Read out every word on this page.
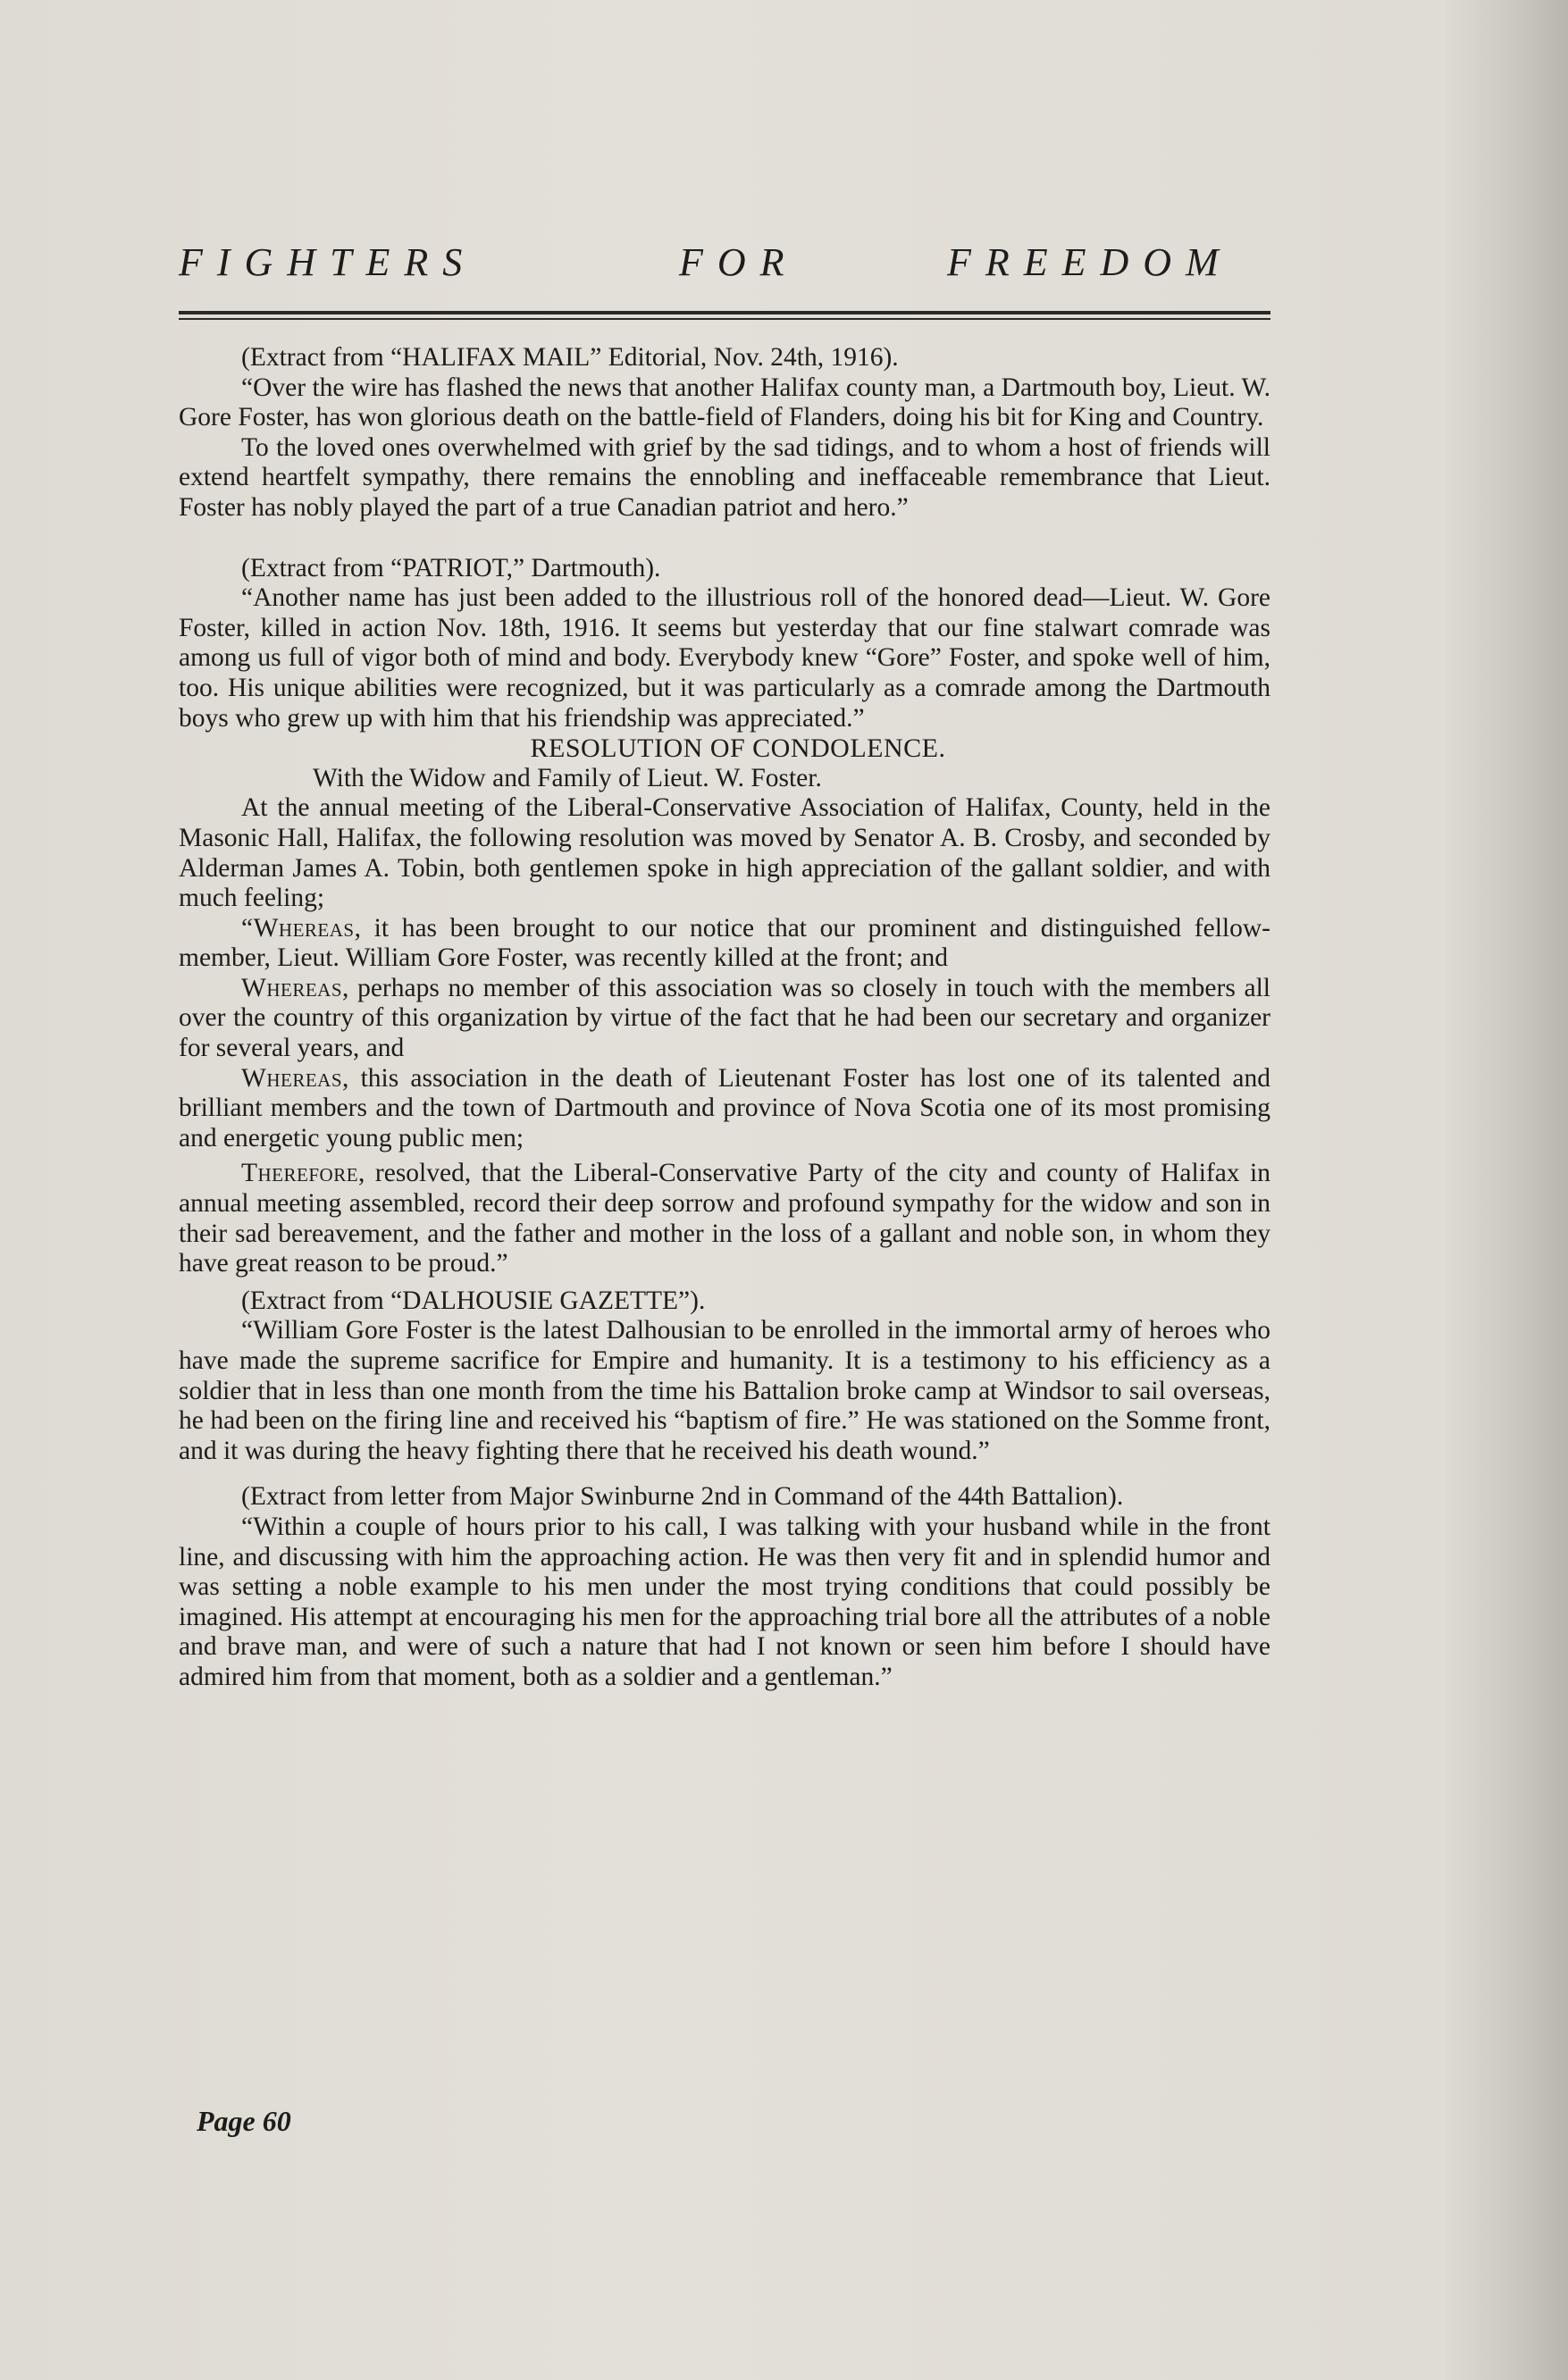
FIGHTERS	FOR	FREEDOM

(Extract from “HALIFAX MAIL” Editorial, Nov. 24th, 1916).

“Over the wire has flashed the news that another Halifax county man, a Dartmouth boy, Lieut. W. Gore Foster, has won glorious death on the battle-field of Flanders, doing his bit for King and Country.

To the loved ones overwhelmed with grief by the sad tidings, and to whom a host of friends will extend heartfelt sympathy, there remains the ennobling and ineffaceable remembrance that Lieut. Foster has nobly played the part of a true Canadian patriot and hero.”

(Extract from “PATRIOT,” Dartmouth).

“Another name has just been added to the illustrious roll of the honored dead—Lieut. W. Gore Foster, killed in action Nov. 18th, 1916. It seems but yesterday that our fine stalwart comrade was among us full of vigor both of mind and body. Everybody knew “Gore” Foster, and spoke well of him, too. His unique abilities were recognized, but it was particularly as a comrade among the Dartmouth boys who grew up with him that his friendship was appreciated.”

RESOLUTION OF CONDOLENCE.

With the Widow and Family of Lieut. W. Foster.

At the annual meeting of the Liberal-Conservative Association of Halifax, County, held in the Masonic Hall, Halifax, the following resolution was moved by Senator A. B. Crosby, and seconded by Alderman James A. Tobin, both gentlemen spoke in high appreciation of the gallant soldier, and with much feeling;

“Whereas, it has been brought to our notice that our prominent and distinguished fellow-member, Lieut. William Gore Foster, was recently killed at the front; and

Whereas, perhaps no member of this association was so closely in touch with the members all over the country of this organization by virtue of the fact that he had been our secretary and organizer for several years, and

Whereas, this association in the death of Lieutenant Foster has lost one of its talented and brilliant members and the town of Dartmouth and province of Nova Scotia one of its most promising and energetic young public men;

Therefore, resolved, that the Liberal-Conservative Party of the city and county of Halifax in annual meeting assembled, record their deep sorrow and profound sympathy for the widow and son in their sad bereavement, and the father and mother in the loss of a gallant and noble son, in whom they have great reason to be proud.”

(Extract from “DALHOUSIE GAZETTE”).

“William Gore Foster is the latest Dalhousian to be enrolled in the immortal army of heroes who have made the supreme sacrifice for Empire and humanity. It is a testimony to his efficiency as a soldier that in less than one month from the time his Battalion broke camp at Windsor to sail overseas, he had been on the firing line and received his “baptism of fire.” He was stationed on the Somme front, and it was during the heavy fighting there that he received his death wound.”

(Extract from letter from Major Swinburne 2nd in Command of the 44th Battalion).

“Within a couple of hours prior to his call, I was talking with your husband while in the front line, and discussing with him the approaching action. He was then very fit and in splendid humor and was setting a noble example to his men under the most trying conditions that could possibly be imagined. His attempt at encouraging his men for the approaching trial bore all the attributes of a noble and brave man, and were of such a nature that had I not known or seen him before I should have admired him from that moment, both as a soldier and a gentleman.”

Page 60
